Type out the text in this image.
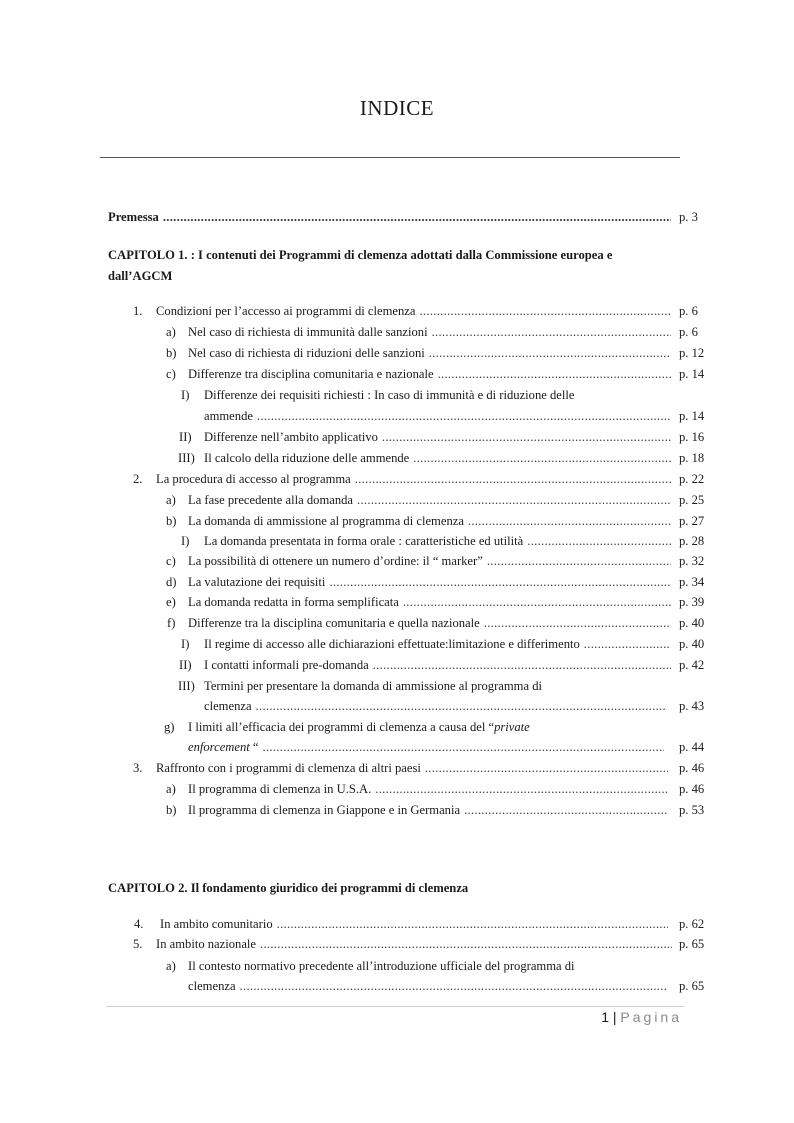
INDICE
Premessa .....	p. 3
CAPITOLO 1. : I contenuti dei Programmi di clemenza adottati dalla Commissione europea e
dall’AGCM
1. Condizioni per l’accesso ai programmi di clemenza .....	p. 6
a) Nel caso di richiesta di immunità dalle sanzioni .....	p. 6
b) Nel caso di richiesta di riduzioni delle sanzioni .....	p. 12
c) Differenze tra disciplina comunitaria e nazionale .....	p. 14
I) Differenze dei requisiti richiesti : In caso di immunità e di riduzione delle
ammende .....	p. 14
II) Differenze nell’ambito applicativo .....	p. 16
III) Il calcolo della riduzione delle ammende .....	p. 18
2. La procedura di accesso al programma .....	p. 22
a) La fase precedente alla domanda .....	p. 25
b) La domanda di ammissione al programma di clemenza .....	p. 27
I) La domanda presentata in forma orale : caratteristiche ed utilità .....	p. 28
c) La possibilità di ottenere un numero d’ordine: il “ marker” .....	p. 32
d) La valutazione dei requisiti .....	p. 34
e) La domanda redatta in forma semplificata .....	p. 39
f) Differenze tra la disciplina comunitaria e quella nazionale .....	p. 40
I) Il regime di accesso alle dichiarazioni effettuate:limitazione e differimento .....	p. 40
II) I contatti informali pre-domanda .....	p. 42
III) Termini per presentare la domanda di ammissione al programma di
clemenza .....	p. 43
g) I limiti all’efficacia dei programmi di clemenza a causa del “private
enforcement “ .....	p. 44
3. Raffronto con i programmi di clemenza di altri paesi .....	p. 46
a) Il programma di clemenza in U.S.A. .....	p. 46
b) Il programma di clemenza in Giappone e in Germania .....	p. 53
CAPITOLO 2. Il fondamento giuridico dei programmi di clemenza
4. In ambito comunitario .....	p. 62
5. In ambito nazionale .....	p. 65
a) Il contesto normativo precedente all’introduzione ufficiale del programma di
clemenza .....	p. 65
1 | Pagina
